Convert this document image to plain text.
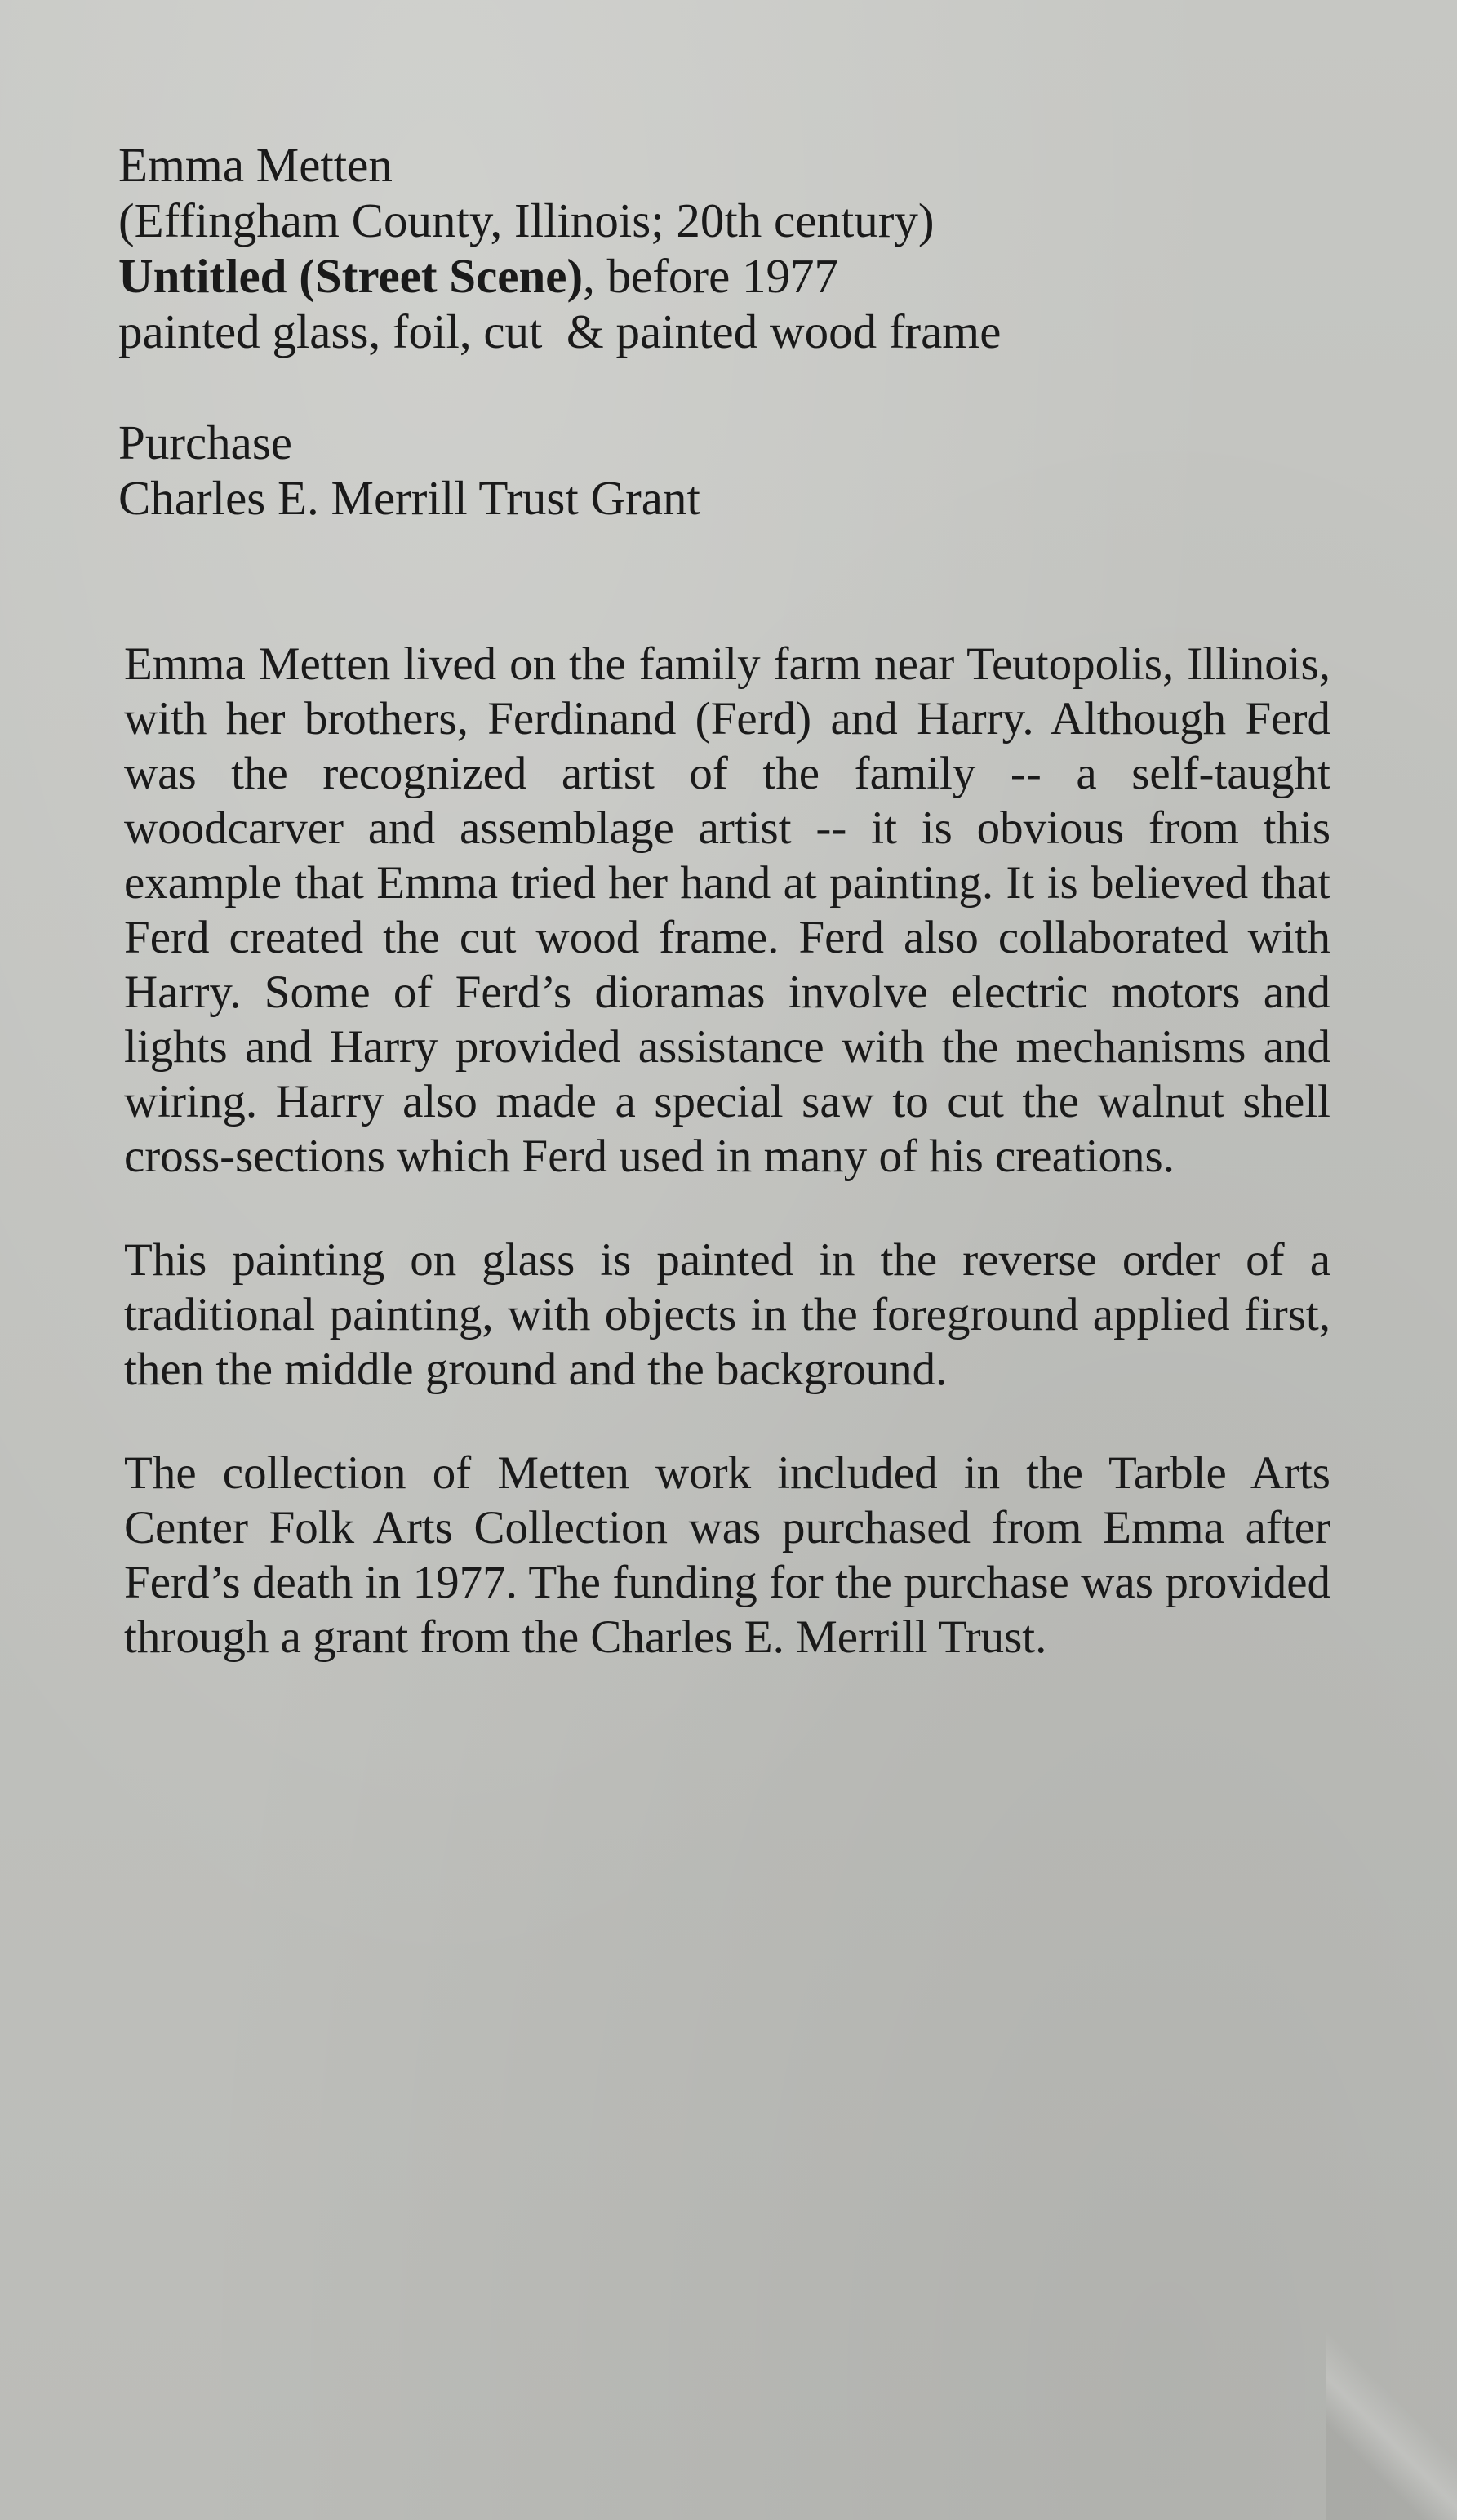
Emma Metten
(Effingham County, Illinois; 20th century)
Untitled (Street Scene), before 1977
painted glass, foil, cut  & painted wood frame
Purchase
Charles E. Merrill Trust Grant

Emma Metten lived on the family farm near Teutopolis, Illinois, with her brothers, Ferdinand (Ferd) and Harry. Although Ferd was the recognized artist of the family -- a self-taught woodcarver and assemblage artist -- it is obvious from this example that Emma tried her hand at painting. It is believed that Ferd created the cut wood frame. Ferd also collaborated with Harry. Some of Ferd’s dioramas involve electric motors and lights and Harry provided assistance with the mechanisms and wiring. Harry also made a special saw to cut the walnut shell cross-sections which Ferd used in many of his creations.

This painting on glass is painted in the reverse order of a traditional painting, with objects in the foreground applied first, then the middle ground and the background.

The collection of Metten work included in the Tarble Arts Center Folk Arts Collection was purchased from Emma after Ferd’s death in 1977. The funding for the purchase was provided through a grant from the Charles E. Merrill Trust.
